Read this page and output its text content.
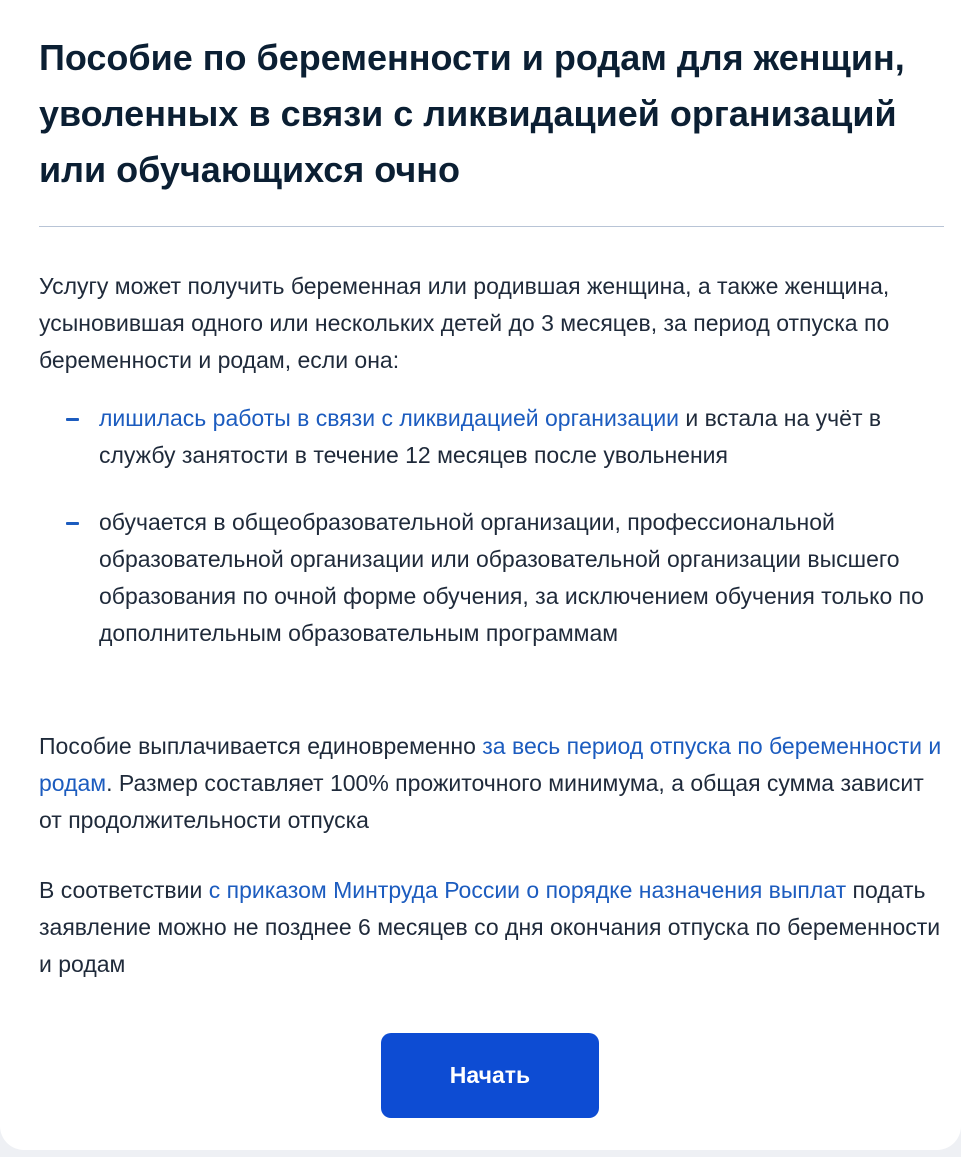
Пособие по беременности и родам для женщин, уволенных в связи с ликвидацией организаций или обучающихся очно

Услугу может получить беременная или родившая женщина, а также женщина, усыновившая одного или нескольких детей до 3 месяцев, за период отпуска по беременности и родам, если она:

лишилась работы в связи с ликвидацией организации и встала на учёт в службу занятости в течение 12 месяцев после увольнения
обучается в общеобразовательной организации, профессиональной образовательной организации или образовательной организации высшего образования по очной форме обучения, за исключением обучения только по дополнительным образовательным программам

Пособие выплачивается единовременно за весь период отпуска по беременности и родам. Размер составляет 100% прожиточного минимума, а общая сумма зависит от продолжительности отпуска

В соответствии с приказом Минтруда России о порядке назначения выплат подать заявление можно не позднее 6 месяцев со дня окончания отпуска по беременности и родам

Начать
